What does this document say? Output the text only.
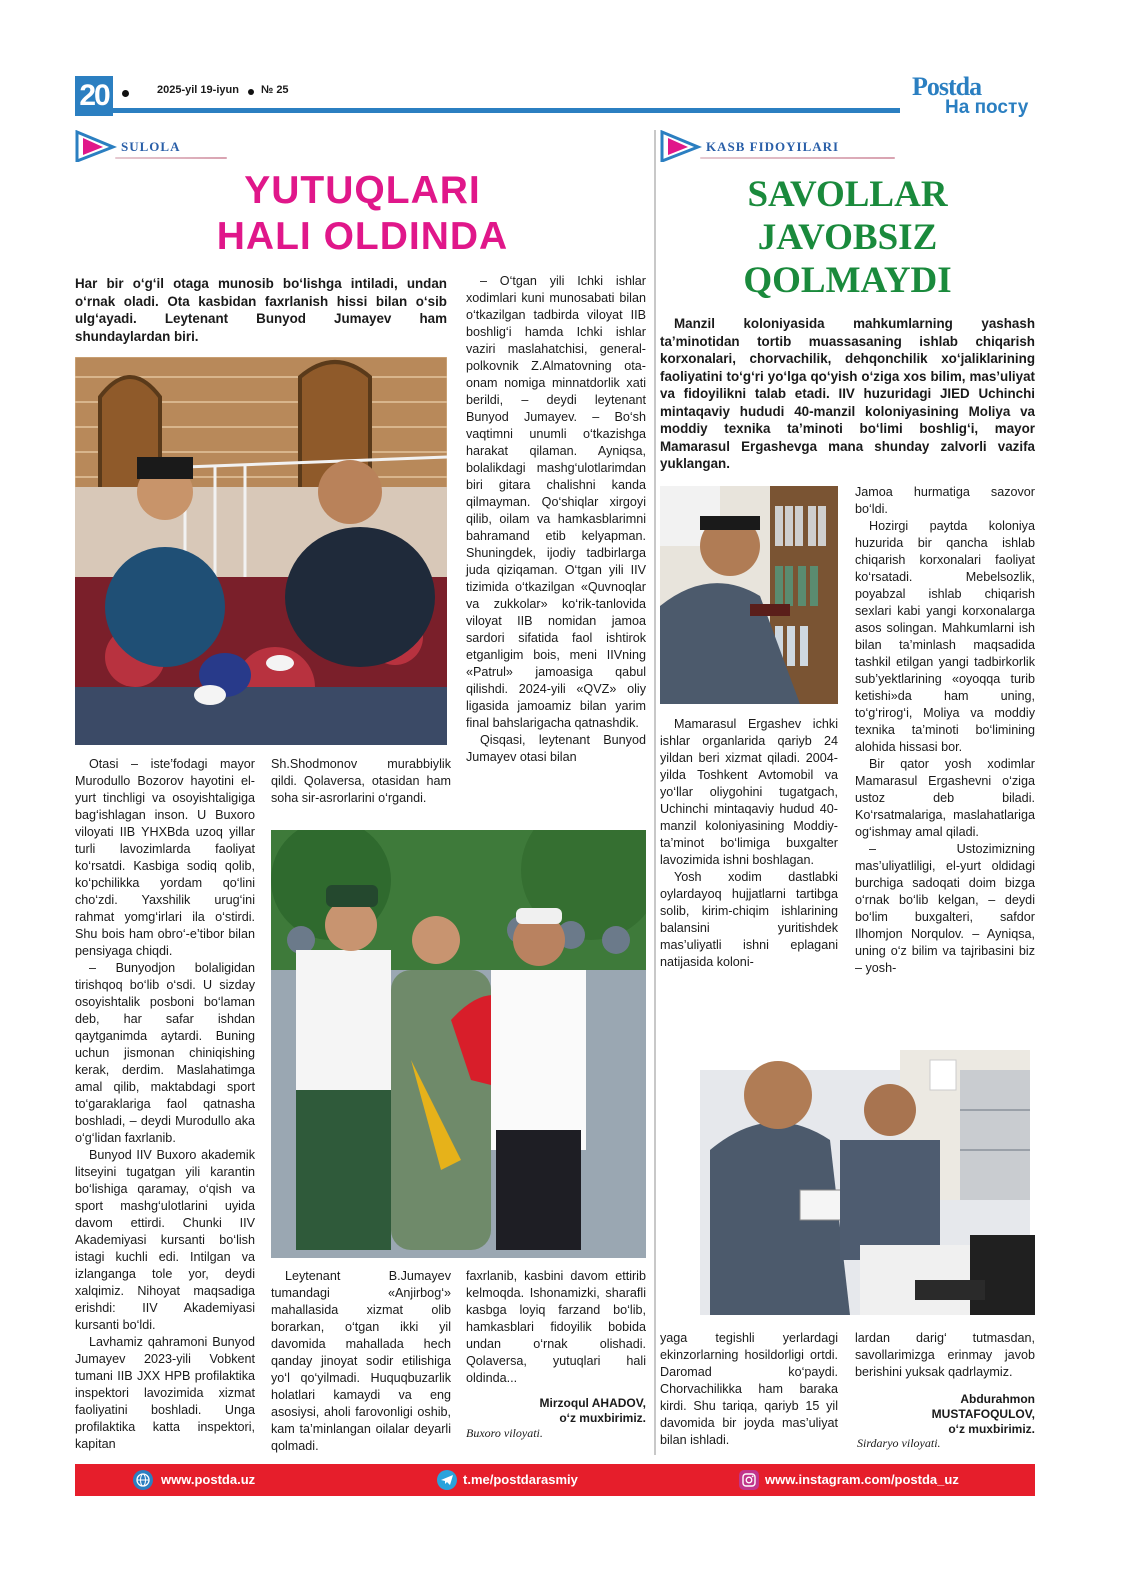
20	2025-yil 19-iyun № 25	Postda
На посту
SULOLA
YUTUQLARI
HALI OLDINDA
Har bir o‘g‘il otaga munosib bo‘lishga intiladi, undan o‘rnak oladi. Ota kasbidan faxrlanish hissi bilan o‘sib ulg‘ayadi. Leytenant Bunyod Jumayev ham shundaylardan biri.

– O‘tgan yili Ichki ishlar xodimlari kuni munosabati bilan o‘tkazilgan tadbirda viloyat IIB boshlig‘i hamda Ichki ishlar vaziri maslahatchisi, general-polkovnik Z.Almatovning ota-onam nomiga minnatdorlik xati berildi, – deydi leytenant Bunyod Jumayev. – Bo‘sh vaqtimni unumli o‘tkazishga harakat qilaman. Ayniqsa, bolalikdagi mashg‘ulotlarimdan biri gitara chalishni kanda qilmayman. Qo‘shiqlar xirgoyi qilib, oilam va hamkasblarimni bahramand etib kelyapman. Shuningdek, ijodiy tadbirlarga juda qiziqaman. O‘tgan yili IIV tizimida o‘tkazilgan «Quvnoqlar va zukkolar» ko‘rik-tanlovida viloyat IIB nomidan jamoa sardori sifatida faol ishtirok etganligim bois, meni IIVning «Patrul» jamoasiga qabul qilishdi. 2024-yili «QVZ» oliy ligasida jamoamiz bilan yarim final bahslarigacha qatnashdik.

Qisqasi, leytenant Bunyod Jumayev otasi bilan

Otasi – iste’fodagi mayor Murodullo Bozorov hayotini el-yurt tinchligi va osoyishtaligiga bag‘ishlagan inson. U Buxoro viloyati IIB YHXBda uzoq yillar turli lavozimlarda faoliyat ko‘rsatdi. Kasbiga sodiq qolib, ko‘pchilikka yordam qo‘lini cho‘zdi. Yaxshilik urug‘ini rahmat yomg‘irlari ila o‘stirdi. Shu bois ham obro‘-e’tibor bilan pensiyaga chiqdi.

– Bunyodjon bolaligidan tirishqoq bo‘lib o‘sdi. U sizday osoyishtalik posboni bo‘laman deb, har safar ishdan qaytganimda aytardi. Buning uchun jismonan chiniqishing kerak, derdim. Maslahatimga amal qilib, maktabdagi sport to‘garaklariga faol qatnasha boshladi, – deydi Murodullo aka o‘g‘lidan faxrlanib.

Bunyod IIV Buxoro akademik litseyini tugatgan yili karantin bo‘lishiga qaramay, o‘qish va sport mashg‘ulotlarini uyida davom ettirdi. Chunki IIV Akademiyasi kursanti bo‘lish istagi kuchli edi. Intilgan va izlanganga tole yor, deydi xalqimiz. Nihoyat maqsadiga erishdi: IIV Akademiyasi kursanti bo‘ldi.

Lavhamiz qahramoni Bunyod Jumayev 2023-yili Vobkent tumani IIB JXX HPB profilaktika inspektori lavozimida xizmat faoliyatini boshladi. Unga profilaktika katta inspektori, kapitan

Sh.Shodmonov murabbiylik qildi. Qolaversa, otasidan ham soha sir-asrorlarini o‘rgandi.

Leytenant B.Jumayev tumandagi «Anjirbog‘» mahallasida xizmat olib borarkan, o‘tgan ikki yil davomida mahallada hech qanday jinoyat sodir etilishiga yo‘l qo‘yilmadi. Huquqbuzarlik holatlari kamaydi va eng asosiysi, aholi farovonligi oshib, kam ta’minlangan oilalar deyarli qolmadi.

faxrlanib, kasbini davom ettirib kelmoqda. Ishonamizki, sharafli kasbga loyiq farzand bo‘lib, hamkasblari fidoyilik bobida undan o‘rnak olishadi. Qolaversa, yutuqlari hali oldinda...

Mirzoqul AHADOV,
o‘z muxbirimiz.
Buxoro viloyati.
KASB FIDOYILARI
SAVOLLAR
JAVOBSIZ
QOLMAYDI
Manzil koloniyasida mahkumlarning yashash ta’minotidan tortib muassasaning ishlab chiqarish korxonalari, chorvachilik, dehqonchilik xo‘jaliklarining faoliyatini to‘g‘ri yo‘lga qo‘yish o‘ziga xos bilim, mas’uliyat va fidoyilikni talab etadi. IIV huzuridagi JIED Uchinchi mintaqaviy hududi 40-manzil koloniyasining Moliya va moddiy texnika ta’minoti bo‘limi boshlig‘i, mayor Mamarasul Ergashevga mana shunday zalvorli vazifa yuklangan.

Mamarasul Ergashev ichki ishlar organlarida qariyb 24 yildan beri xizmat qiladi. 2004-yilda Toshkent Avtomobil va yo‘llar oliygohini tugatgach, Uchinchi mintaqaviy hudud 40-manzil koloniyasining Moddiy-ta’minot bo‘limiga buxgalter lavozimida ishni boshlagan.

Yosh xodim dastlabki oylardayoq hujjatlarni tartibga solib, kirim-chiqim ishlarining balansini yuritishdek mas’uliyatli ishni eplagani natijasida koloni-

Jamoa hurmatiga sazovor bo‘ldi.

Hozirgi paytda koloniya huzurida bir qancha ishlab chiqarish korxonalari faoliyat ko‘rsatadi. Mebelsozlik, poyabzal ishlab chiqarish sexlari kabi yangi korxonalarga asos solingan. Mahkumlarni ish bilan ta’minlash maqsadida tashkil etilgan yangi tadbirkorlik sub’yektlarining «oyoqqa turib ketishi»da ham uning, to‘g‘rirog‘i, Moliya va moddiy texnika ta’minoti bo‘limining alohida hissasi bor.

Bir qator yosh xodimlar Mamarasul Ergashevni o‘ziga ustoz deb biladi. Ko‘rsatmalariga, maslahatlariga og‘ishmay amal qiladi.

– Ustozimizning mas’uliyatliligi, el-yurt oldidagi burchiga sadoqati doim bizga o‘rnak bo‘lib kelgan, – deydi bo‘lim buxgalteri, safdor Ilhomjon Norqulov. – Ayniqsa, uning o‘z bilim va tajribasini biz – yosh-

yaga tegishli yerlardagi ekinzorlarning hosildorligi ortdi. Daromad ko‘paydi. Chorvachilikka ham baraka kirdi. Shu tariqa, qariyb 15 yil davomida bir joyda mas’uliyat bilan ishladi.

lardan darig‘ tutmasdan, savollarimizga erinmay javob berishini yuksak qadrlaymiz.

Abdurahmon
MUSTAFOQULOV,
o‘z muxbirimiz.
Sirdaryo viloyati.
www.postda.uz	t.me/postdarasmiy	www.instagram.com/postda_uz
